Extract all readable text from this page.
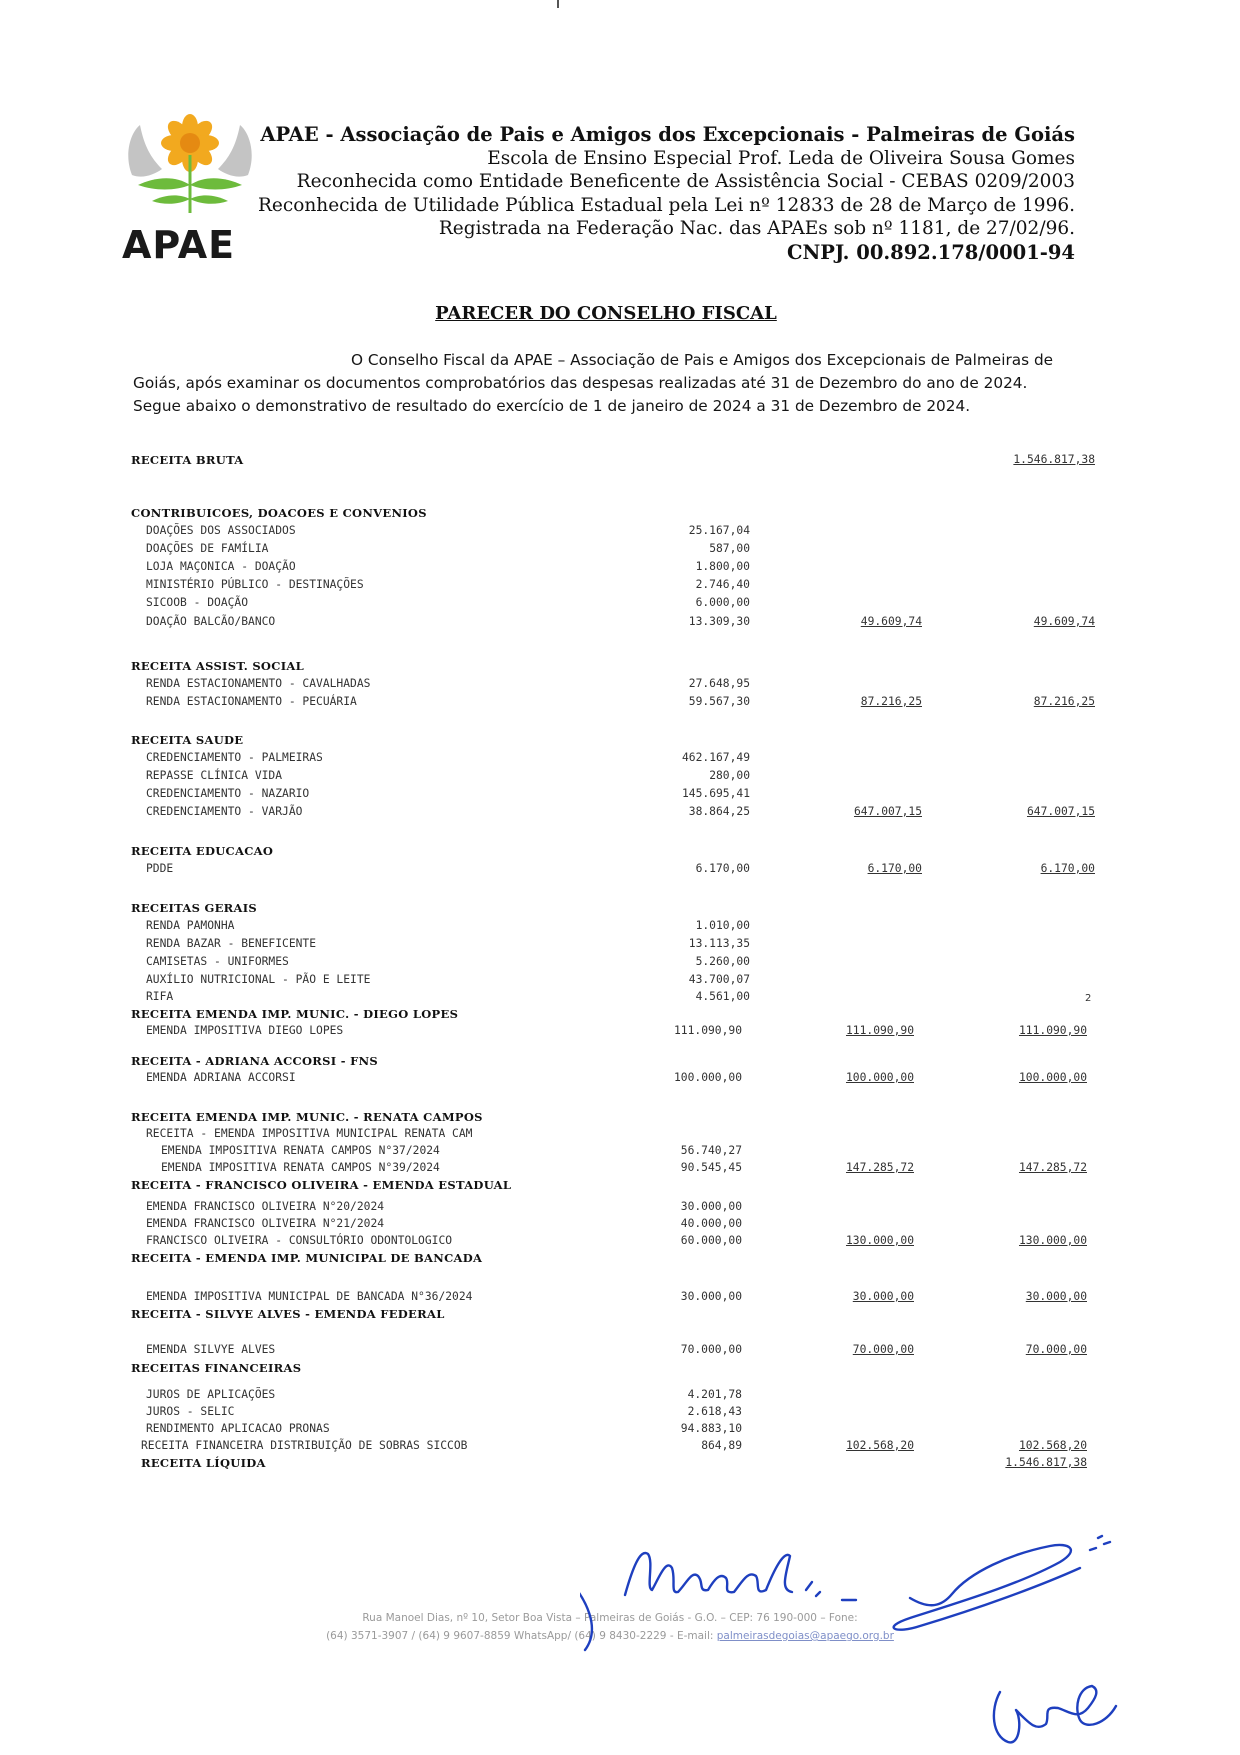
APAE
APAE - Associação de Pais e Amigos dos Excepcionais - Palmeiras de Goiás
Escola de Ensino Especial Prof. Leda de Oliveira Sousa Gomes
Reconhecida como Entidade Beneficente de Assistência Social - CEBAS 0209/2003
Reconhecida de Utilidade Pública Estadual pela Lei nº 12833 de 28 de Março de 1996.
Registrada na Federação Nac. das APAEs sob nº 1181, de 27/02/96.
CNPJ. 00.892.178/0001-94
PARECER DO CONSELHO FISCAL
O Conselho Fiscal da APAE – Associação de Pais e Amigos dos Excepcionais de Palmeiras de
Goiás, após examinar os documentos comprobatórios das despesas realizadas até 31 de Dezembro do ano de 2024.
Segue abaixo o demonstrativo de resultado do exercício de 1 de janeiro de 2024 a 31 de Dezembro de 2024.
RECEITA BRUTA	1.546.817,38
CONTRIBUICOES, DOACOES E CONVENIOS
DOAÇÕES DOS ASSOCIADOS	25.167,04
DOAÇÕES DE FAMÍLIA	587,00
LOJA MAÇONICA - DOAÇÃO	1.800,00
MINISTÉRIO PÚBLICO - DESTINAÇÕES	2.746,40
SICOOB - DOAÇÃO	6.000,00
DOAÇÃO BALCÃO/BANCO	13.309,30	49.609,74	49.609,74
RECEITA ASSIST. SOCIAL
RENDA ESTACIONAMENTO - CAVALHADAS	27.648,95
RENDA ESTACIONAMENTO - PECUÁRIA	59.567,30	87.216,25	87.216,25
RECEITA SAUDE
CREDENCIAMENTO - PALMEIRAS	462.167,49
REPASSE CLÍNICA VIDA	280,00
CREDENCIAMENTO - NAZARIO	145.695,41
CREDENCIAMENTO - VARJÃO	38.864,25	647.007,15	647.007,15
RECEITA EDUCACAO
PDDE	6.170,00	6.170,00	6.170,00
RECEITAS GERAIS
RENDA PAMONHA	1.010,00
RENDA BAZAR - BENEFICENTE	13.113,35
CAMISETAS - UNIFORMES	5.260,00
AUXÍLIO NUTRICIONAL - PÃO E LEITE	43.700,07
RIFA	4.561,00
RECEITA EMENDA IMP. MUNIC. - DIEGO LOPES
EMENDA IMPOSITIVA DIEGO LOPES	111.090,90	111.090,90	111.090,90
RECEITA - ADRIANA ACCORSI - FNS
EMENDA ADRIANA ACCORSI	100.000,00	100.000,00	100.000,00
RECEITA EMENDA IMP. MUNIC. - RENATA CAMPOS
RECEITA - EMENDA IMPOSITIVA MUNICIPAL RENATA CAM
EMENDA IMPOSITIVA RENATA CAMPOS N°37/2024	56.740,27
EMENDA IMPOSITIVA RENATA CAMPOS N°39/2024	90.545,45	147.285,72	147.285,72
RECEITA - FRANCISCO OLIVEIRA - EMENDA ESTADUAL
EMENDA FRANCISCO OLIVEIRA N°20/2024	30.000,00
EMENDA FRANCISCO OLIVEIRA N°21/2024	40.000,00
FRANCISCO OLIVEIRA - CONSULTÓRIO ODONTOLOGICO	60.000,00	130.000,00	130.000,00
RECEITA - EMENDA IMP. MUNICIPAL DE BANCADA
EMENDA IMPOSITIVA MUNICIPAL DE BANCADA N°36/2024	30.000,00	30.000,00	30.000,00
RECEITA - SILVYE ALVES - EMENDA FEDERAL
EMENDA SILVYE ALVES	70.000,00	70.000,00	70.000,00
RECEITAS FINANCEIRAS
JUROS DE APLICAÇÕES	4.201,78
JUROS - SELIC	2.618,43
RENDIMENTO APLICACAO PRONAS	94.883,10
RECEITA FINANCEIRA DISTRIBUIÇÃO DE SOBRAS SICCOB	864,89	102.568,20	102.568,20
RECEITA LÍQUIDA	1.546.817,38
2
Rua Manoel Dias, nº 10, Setor Boa Vista – Palmeiras de Goiás - G.O. – CEP: 76 190-000 – Fone:
(64) 3571-3907 / (64) 9 9607-8859 WhatsApp/ (64) 9 8430-2229 - E-mail: palmeirasdegoias@apaego.org.br
